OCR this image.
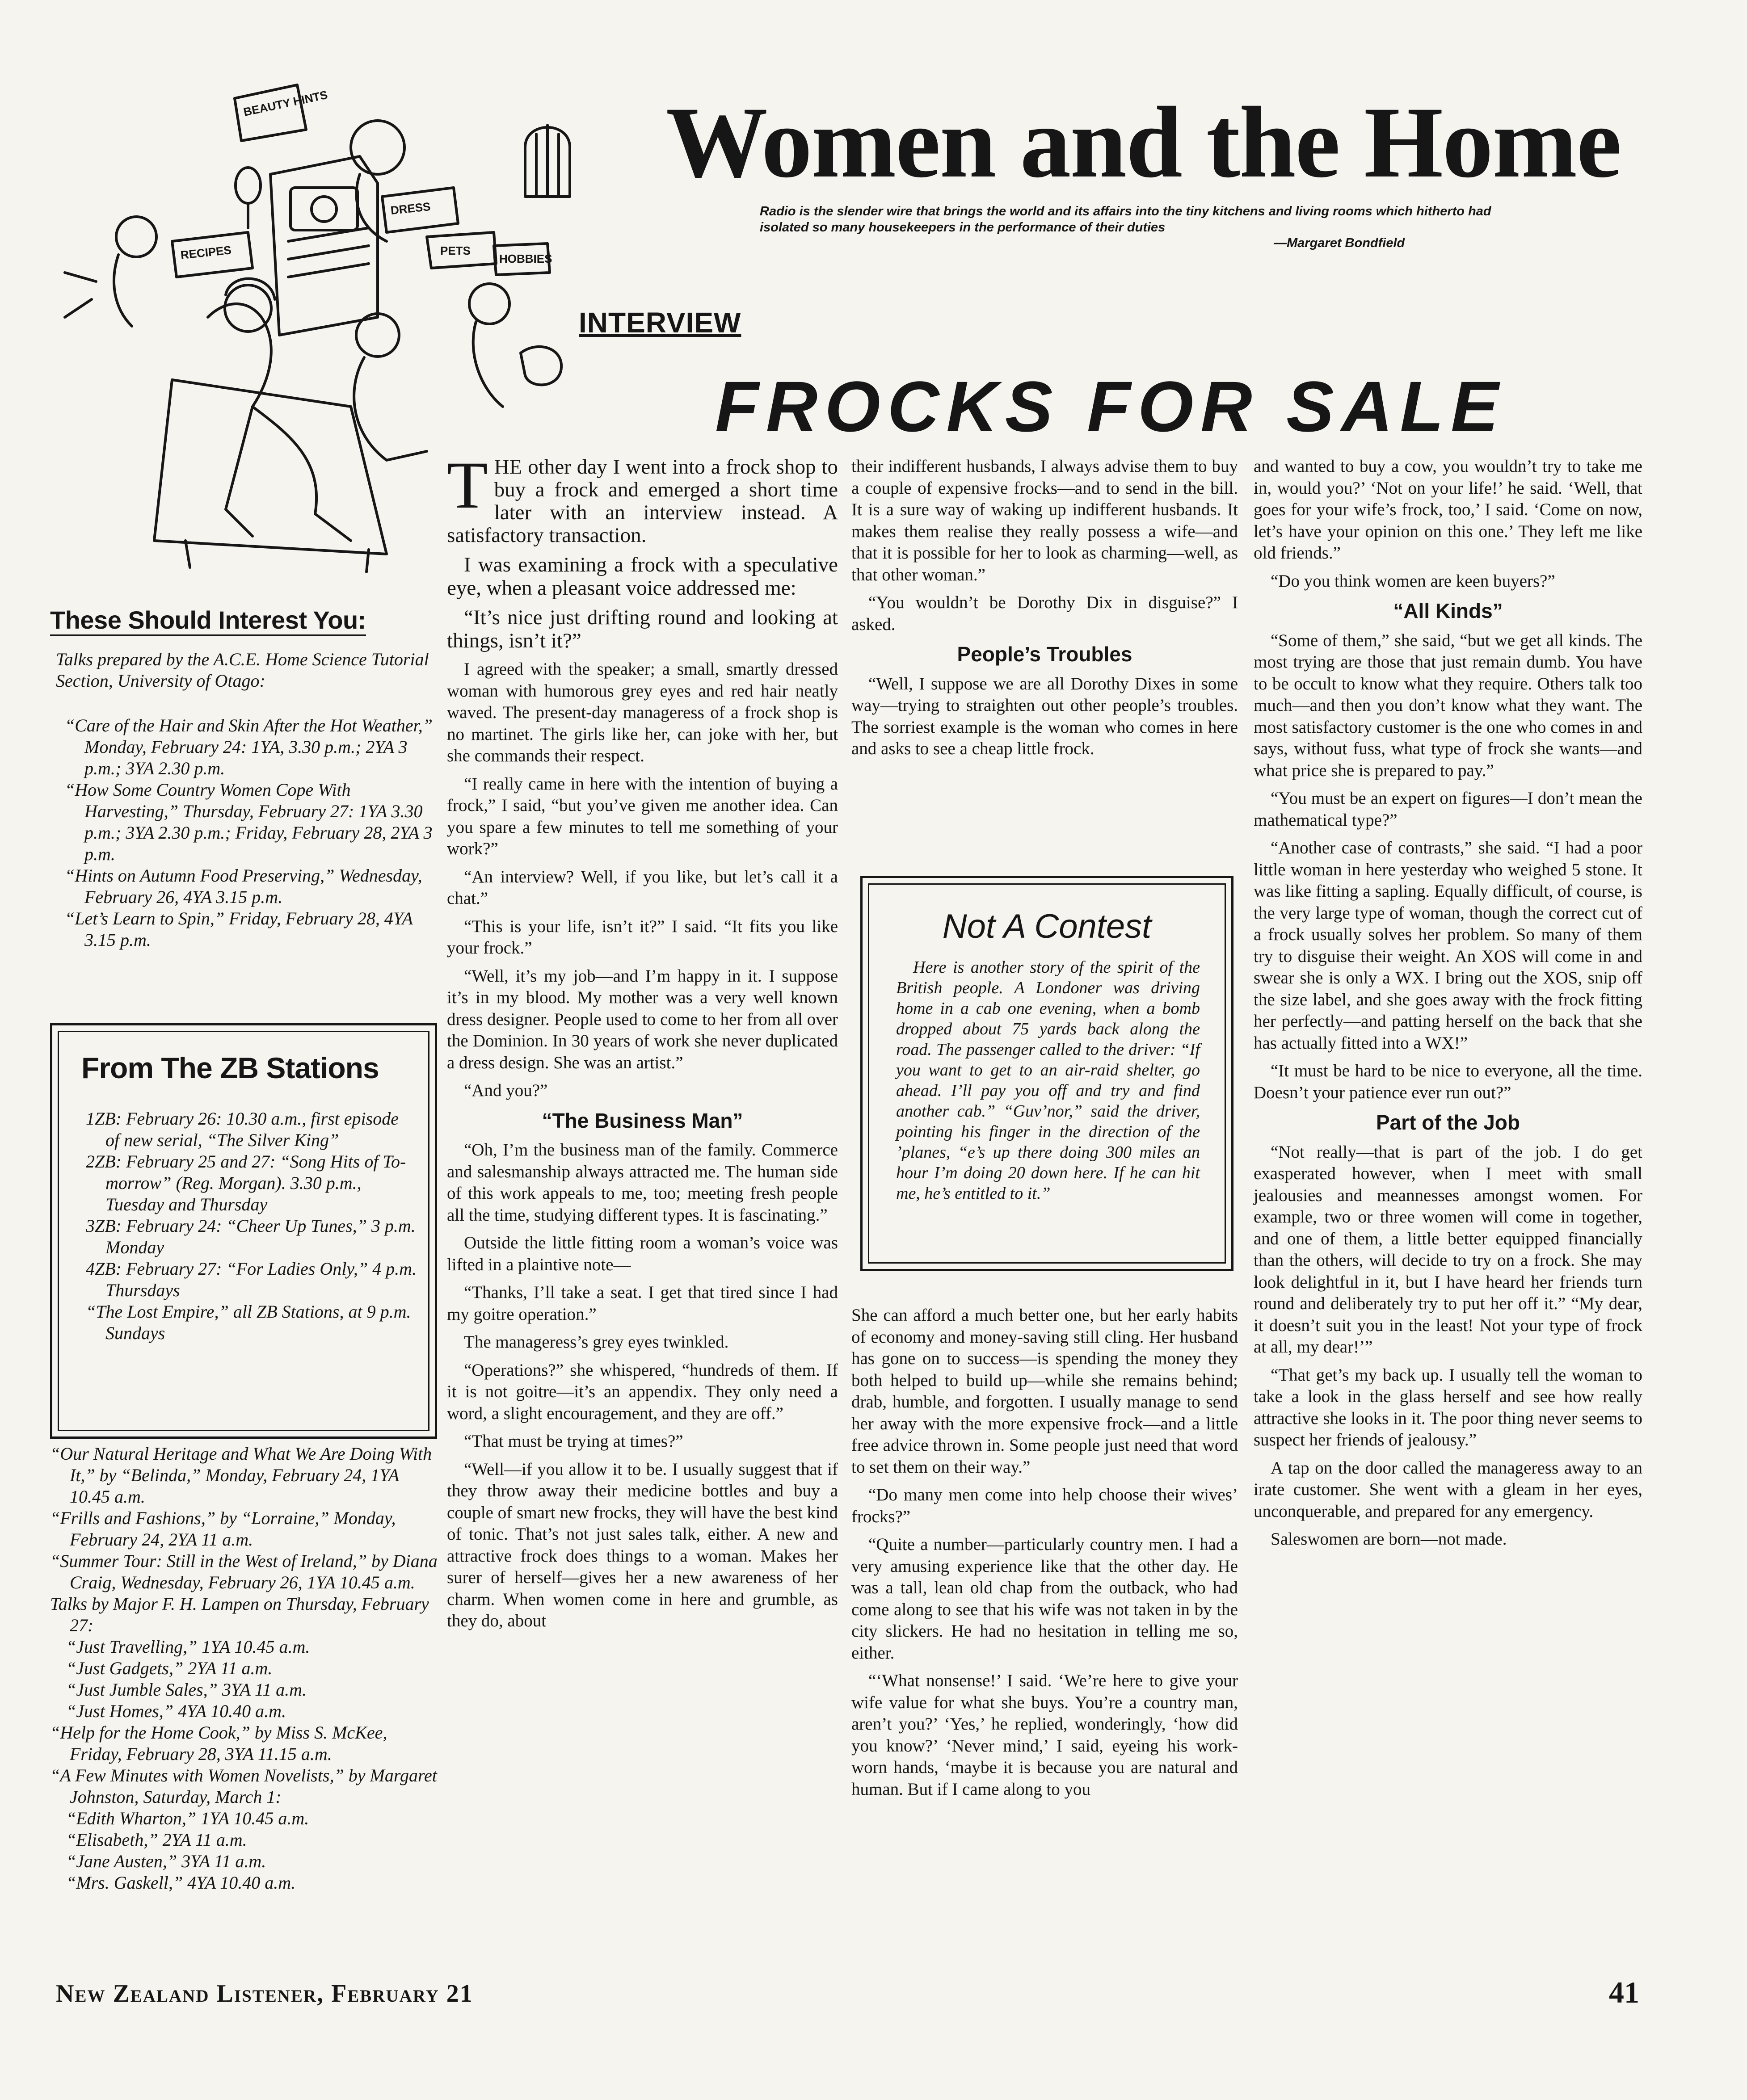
BEAUTY HINTS
RECIPES
DRESS
PETS
HOBBIES
Women and the Home

Radio is the slender wire that brings the world and its affairs into the tiny kitchens and living rooms which hitherto had isolated so many housekeepers in the performance of their duties

—Margaret Bondfield

INTERVIEW

FROCKS FOR SALE
These Should Interest You:

Talks prepared by the A.C.E. Home Science Tutorial Section, University of Otago:

“Care of the Hair and Skin After the Hot Weather,” Monday, February 24: 1YA, 3.30 p.m.; 2YA 3 p.m.; 3YA 2.30 p.m.
“How Some Country Women Cope With Harvesting,” Thursday, February 27: 1YA 3.30 p.m.; 3YA 2.30 p.m.; Friday, February 28, 2YA 3 p.m.
“Hints on Autumn Food Preserving,” Wednesday, February 26, 4YA 3.15 p.m.
“Let’s Learn to Spin,” Friday, February 28, 4YA 3.15 p.m.
From The ZB Stations
1ZB: February 26: 10.30 a.m., first episode of new serial, “The Silver King”
2ZB: February 25 and 27: “Song Hits of To-morrow” (Reg. Morgan). 3.30 p.m., Tuesday and Thursday
3ZB: February 24: “Cheer Up Tunes,” 3 p.m. Monday
4ZB: February 27: “For Ladies Only,” 4 p.m. Thursdays
“The Lost Empire,” all ZB Stations, at 9 p.m. Sundays
“Our Natural Heritage and What We Are Doing With It,” by “Belinda,” Monday, February 24, 1YA 10.45 a.m.
“Frills and Fashions,” by “Lorraine,” Monday, February 24, 2YA 11 a.m.
“Summer Tour: Still in the West of Ireland,” by Diana Craig, Wednesday, February 26, 1YA 10.45 a.m.
Talks by Major F. H. Lampen on Thursday, February 27:
“Just Travelling,” 1YA 10.45 a.m.
“Just Gadgets,” 2YA 11 a.m.
“Just Jumble Sales,” 3YA 11 a.m.
“Just Homes,” 4YA 10.40 a.m.
“Help for the Home Cook,” by Miss S. McKee, Friday, February 28, 3YA 11.15 a.m.
“A Few Minutes with Women Novelists,” by Margaret Johnston, Saturday, March 1:
“Edith Wharton,” 1YA 10.45 a.m.
“Elisabeth,” 2YA 11 a.m.
“Jane Austen,” 3YA 11 a.m.
“Mrs. Gaskell,” 4YA 10.40 a.m.

THE other day I went into a frock shop to buy a frock and emerged a short time later with an interview instead. A satisfactory transaction.

I was examining a frock with a speculative eye, when a pleasant voice addressed me:

“It’s nice just drifting round and looking at things, isn’t it?”

I agreed with the speaker; a small, smartly dressed woman with humorous grey eyes and red hair neatly waved. The present-day manageress of a frock shop is no martinet. The girls like her, can joke with her, but she commands their respect.

“I really came in here with the intention of buying a frock,” I said, “but you’ve given me another idea. Can you spare a few minutes to tell me something of your work?”

“An interview? Well, if you like, but let’s call it a chat.”

“This is your life, isn’t it?” I said. “It fits you like your frock.”

“Well, it’s my job—and I’m happy in it. I suppose it’s in my blood. My mother was a very well known dress designer. People used to come to her from all over the Dominion. In 30 years of work she never duplicated a dress design. She was an artist.”

“And you?”

“The Business Man”

“Oh, I’m the business man of the family. Commerce and salesmanship always attracted me. The human side of this work appeals to me, too; meeting fresh people all the time, studying different types. It is fascinating.”

Outside the little fitting room a woman’s voice was lifted in a plaintive note—

“Thanks, I’ll take a seat. I get that tired since I had my goitre operation.”

The manageress’s grey eyes twinkled.

“Operations?” she whispered, “hundreds of them. If it is not goitre—it’s an appendix. They only need a word, a slight encouragement, and they are off.”

“That must be trying at times?”

“Well—if you allow it to be. I usually suggest that if they throw away their medicine bottles and buy a couple of smart new frocks, they will have the best kind of tonic. That’s not just sales talk, either. A new and attractive frock does things to a woman. Makes her surer of herself—gives her a new awareness of her charm. When women come in here and grumble, as they do, about

their indifferent husbands, I always advise them to buy a couple of expensive frocks—and to send in the bill. It is a sure way of waking up indifferent husbands. It makes them realise they really possess a wife—and that it is possible for her to look as charming—well, as that other woman.”

“You wouldn’t be Dorothy Dix in disguise?” I asked.

People’s Troubles

“Well, I suppose we are all Dorothy Dixes in some way—trying to straighten out other people’s troubles. The sorriest example is the woman who comes in here and asks to see a cheap little frock.

Not A Contest

Here is another story of the spirit of the British people. A Londoner was driving home in a cab one evening, when a bomb dropped about 75 yards back along the road. The passenger called to the driver: “If you want to get to an air-raid shelter, go ahead. I’ll pay you off and try and find another cab.” “Guv’nor,” said the driver, pointing his finger in the direction of the ’planes, “e’s up there doing 300 miles an hour I’m doing 20 down here. If he can hit me, he’s entitled to it.”

She can afford a much better one, but her early habits of economy and money-saving still cling. Her husband has gone on to success—is spending the money they both helped to build up—while she remains behind; drab, humble, and forgotten. I usually manage to send her away with the more expensive frock—and a little free advice thrown in. Some people just need that word to set them on their way.”

“Do many men come into help choose their wives’ frocks?”

“Quite a number—particularly country men. I had a very amusing experience like that the other day. He was a tall, lean old chap from the outback, who had come along to see that his wife was not taken in by the city slickers. He had no hesitation in telling me so, either.

“‘What nonsense!’ I said. ‘We’re here to give your wife value for what she buys. You’re a country man, aren’t you?’ ‘Yes,’ he replied, wonderingly, ‘how did you know?’ ‘Never mind,’ I said, eyeing his work-worn hands, ‘maybe it is because you are natural and human. But if I came along to you

and wanted to buy a cow, you wouldn’t try to take me in, would you?’ ‘Not on your life!’ he said. ‘Well, that goes for your wife’s frock, too,’ I said. ‘Come on now, let’s have your opinion on this one.’ They left me like old friends.”

“Do you think women are keen buyers?”

“All Kinds”

“Some of them,” she said, “but we get all kinds. The most trying are those that just remain dumb. You have to be occult to know what they require. Others talk too much—and then you don’t know what they want. The most satisfactory customer is the one who comes in and says, without fuss, what type of frock she wants—and what price she is prepared to pay.”

“You must be an expert on figures—I don’t mean the mathematical type?”

“Another case of contrasts,” she said. “I had a poor little woman in here yesterday who weighed 5 stone. It was like fitting a sapling. Equally difficult, of course, is the very large type of woman, though the correct cut of a frock usually solves her problem. So many of them try to disguise their weight. An XOS will come in and swear she is only a WX. I bring out the XOS, snip off the size label, and she goes away with the frock fitting her perfectly—and patting herself on the back that she has actually fitted into a WX!”

“It must be hard to be nice to everyone, all the time. Doesn’t your patience ever run out?”

Part of the Job

“Not really—that is part of the job. I do get exasperated however, when I meet with small jealousies and meannesses amongst women. For example, two or three women will come in together, and one of them, a little better equipped financially than the others, will decide to try on a frock. She may look delightful in it, but I have heard her friends turn round and deliberately try to put her off it.” “My dear, it doesn’t suit you in the least! Not your type of frock at all, my dear!’”

“That get’s my back up. I usually tell the woman to take a look in the glass herself and see how really attractive she looks in it. The poor thing never seems to suspect her friends of jealousy.”

A tap on the door called the manageress away to an irate customer. She went with a gleam in her eyes, unconquerable, and prepared for any emergency.

Saleswomen are born—not made.

New Zealand Listener, February 21	41
